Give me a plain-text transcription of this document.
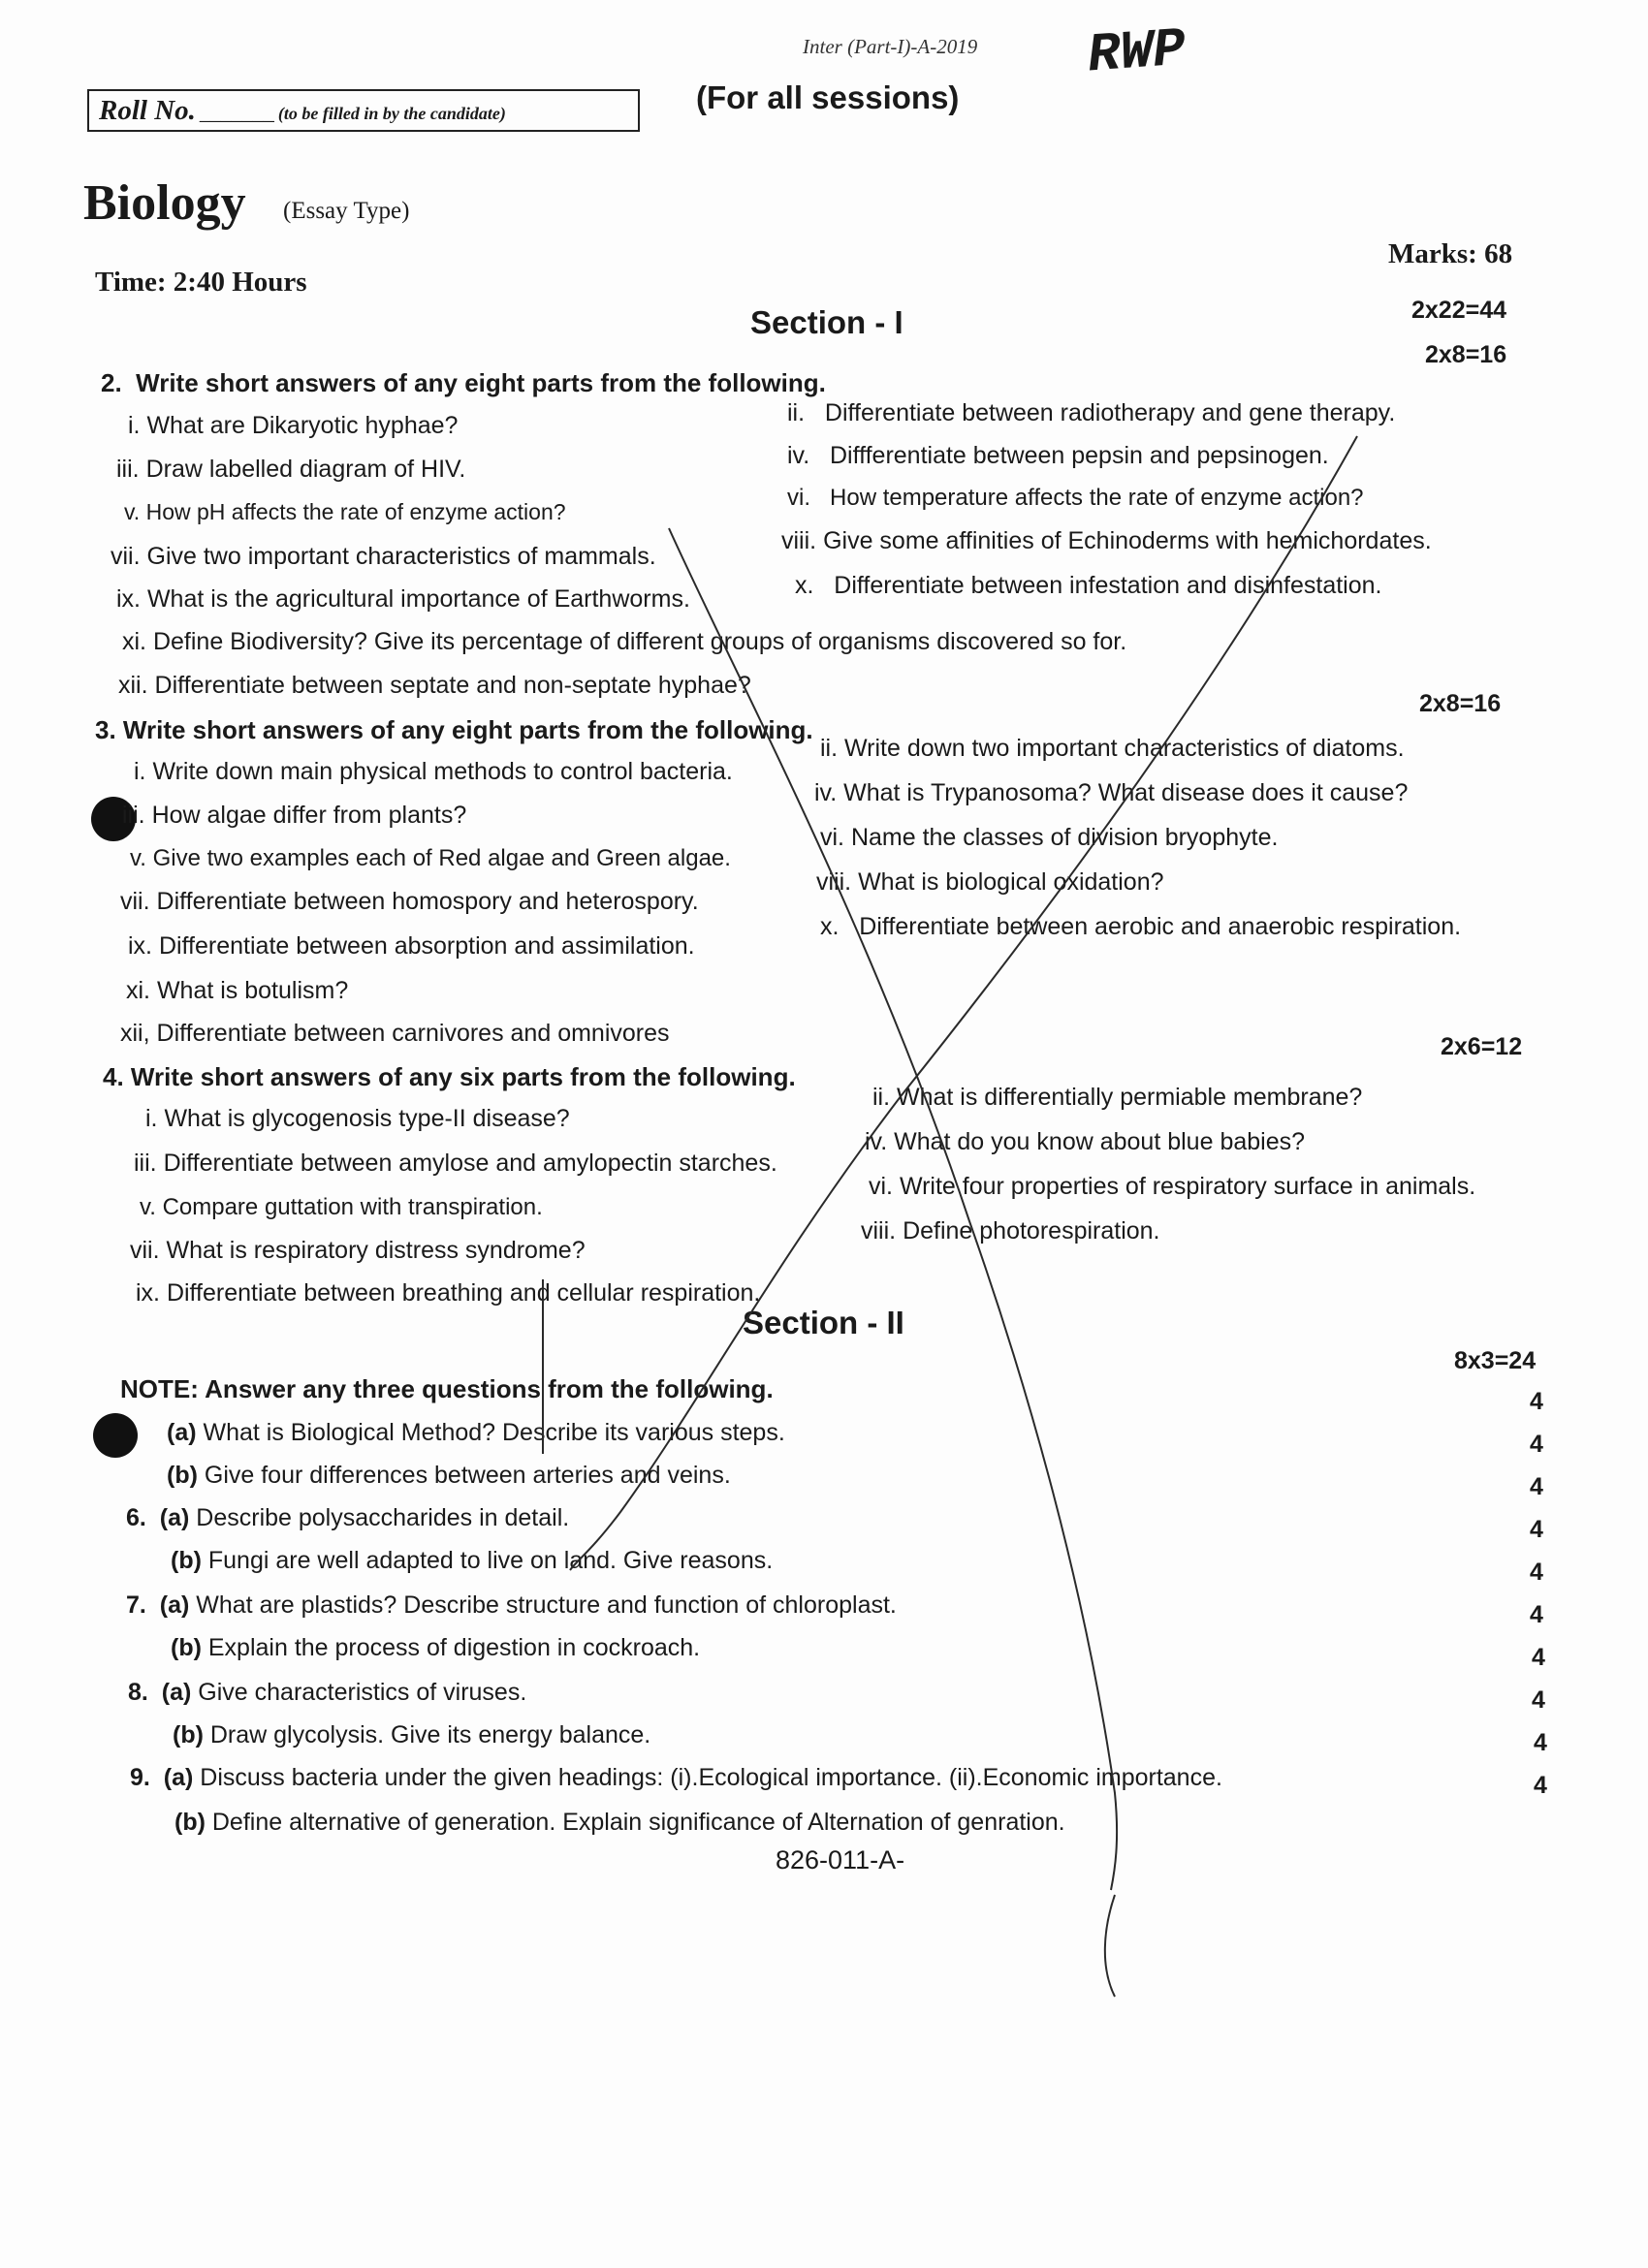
Inter (Part-I)-A-2019 RWP
Roll No. _______ (to be filled in by the candidate)	(For all sessions)
Biology (Essay Type)
Time: 2:40 Hours
Marks: 68
Section - I	2x22=44
2. Write short answers of any eight parts from the following.
2x8=16
i. What are Dikaryotic hyphae?	ii. Differentiate between radiotherapy and gene therapy.
iii. Draw labelled diagram of HIV.	iv. Diffferentiate between pepsin and pepsinogen.
v. How pH affects the rate of enzyme action?
vi. How temperature affects the rate of enzyme action?
vii. Give two important characteristics of mammals.
viii. Give some affinities of Echinoderms with hemichordates.
ix. What is the agricultural importance of Earthworms.	x. Differentiate between infestation and disinfestation.
xi. Define Biodiversity? Give its percentage of different groups of organisms discovered so for.
xii. Differentiate between septate and non-septate hyphae?
3. Write short answers of any eight parts from the following.
2x8=16
i. Write down main physical methods to control bacteria.
ii. Write down two important characteristics of diatoms.
iii. How algae differ from plants?
iv. What is Trypanosoma? What disease does it cause?
v. Give two examples each of Red algae and Green algae.
vi. Name the classes of division bryophyte.
vii. Differentiate between homospory and heterospory.
viii. What is biological oxidation?
ix. Differentiate between absorption and assimilation.
x. Differentiate between aerobic and anaerobic respiration.
xi. What is botulism?
xii, Differentiate between carnivores and omnivores
4. Write short answers of any six parts from the following.
2x6=12
i. What is glycogenosis type-II disease?
ii. What is differentially permiable membrane?
iii. Differentiate between amylose and amylopectin starches.
iv. What do you know about blue babies?
v. Compare guttation with transpiration.
vi. Write four properties of respiratory surface in animals.
vii. What is respiratory distress syndrome?
viii. Define photorespiration.
ix. Differentiate between breathing and cellular respiration.
Section - II
8x3=24
NOTE: Answer any three questions from the following.
(a) What is Biological Method? Describe its various steps.
(b) Give four differences between arteries and veins.
6. (a) Describe polysaccharides in detail.
(b) Fungi are well adapted to live on land. Give reasons.
7. (a) What are plastids? Describe structure and function of chloroplast.
(b) Explain the process of digestion in cockroach.
8. (a) Give characteristics of viruses.
(b) Draw glycolysis. Give its energy balance.
9. (a) Discuss bacteria under the given headings: (i).Ecological importance. (ii).Economic importance.
(b) Define alternative of generation. Explain significance of Alternation of genration.
4
4
4
4
4
4
4
4
4
4
826-011-A-
